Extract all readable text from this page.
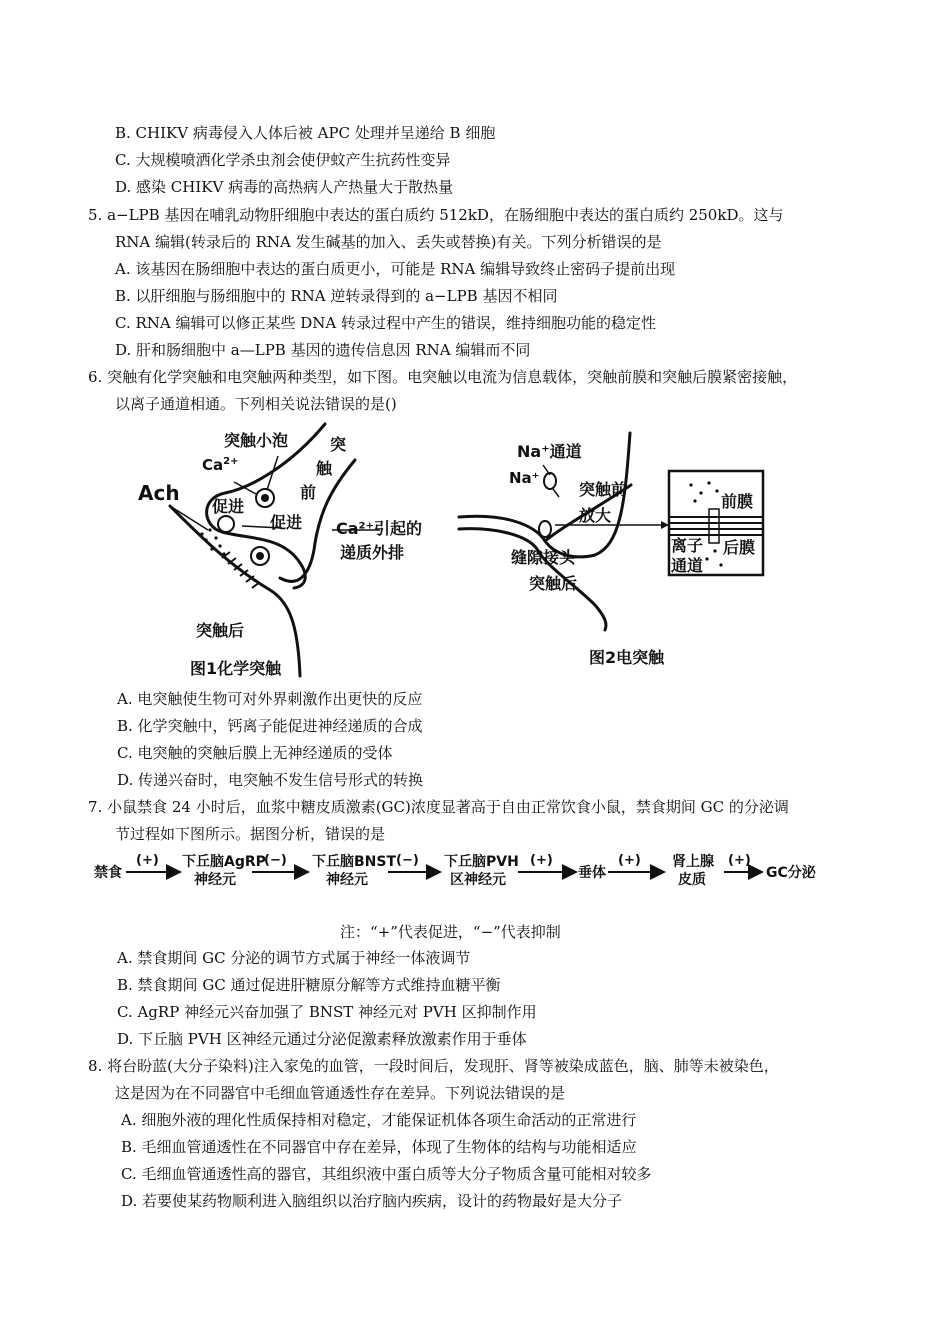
B. CHIKV 病毒侵入人体后被 APC 处理并呈递给 B 细胞
C. 大规模喷洒化学杀虫剂会使伊蚊产生抗药性变异
D. 感染 CHIKV 病毒的高热病人产热量大于散热量
5. a−LPB 基因在哺乳动物肝细胞中表达的蛋白质约 512kD，在肠细胞中表达的蛋白质约 250kD。这与
RNA 编辑(转录后的 RNA 发生碱基的加入、丢失或替换)有关。下列分析错误的是
A. 该基因在肠细胞中表达的蛋白质更小，可能是 RNA 编辑导致终止密码子提前出现
B. 以肝细胞与肠细胞中的 RNA 逆转录得到的 a−LPB 基因不相同
C. RNA 编辑可以修正某些 DNA 转录过程中产生的错误，维持细胞功能的稳定性
D. 肝和肠细胞中 a—LPB 基因的遗传信息因 RNA 编辑而不同
6. 突触有化学突触和电突触两种类型，如下图。电突触以电流为信息载体，突触前膜和突触后膜紧密接触，
以离子通道相通。下列相关说法错误的是()
突触小泡	突
触
前
$Ca^{2+}$
Ach
促进
促进 Ca²⁺引起的
递质外排
突触后
图1化学突触
Na⁺通道
Na⁺
突触前
放大
缝隙接头
突触后
前膜
离子
通道
后膜
图2电突触
A. 电突触使生物可对外界刺激作出更快的反应
B. 化学突触中，钙离子能促进神经递质的合成
C. 电突触的突触后膜上无神经递质的受体
D. 传递兴奋时，电突触不发生信号形式的转换
7. 小鼠禁食 24 小时后，血浆中糖皮质激素(GC)浓度显著高于自由正常饮食小鼠，禁食期间 GC 的分泌调
节过程如下图所示。据图分析，错误的是
禁食
下丘脑AgRP
神经元
下丘脑BNST
神经元
下丘脑PVH
区神经元	垂体
肾上腺
皮质	GC分泌
(+)	(−)	(−)	(+)	(+)	(+)
注：“+”代表促进，“−”代表抑制
A. 禁食期间 GC 分泌的调节方式属于神经一体液调节
B. 禁食期间 GC 通过促进肝糖原分解等方式维持血糖平衡
C. AgRP 神经元兴奋加强了 BNST 神经元对 PVH 区抑制作用
D. 下丘脑 PVH 区神经元通过分泌促激素释放激素作用于垂体
8. 将台盼蓝(大分子染料)注入家兔的血管，一段时间后，发现肝、肾等被染成蓝色，脑、肺等未被染色，
这是因为在不同器官中毛细血管通透性存在差异。下列说法错误的是
A. 细胞外液的理化性质保持相对稳定，才能保证机体各项生命活动的正常进行
B. 毛细血管通透性在不同器官中存在差异，体现了生物体的结构与功能相适应
C. 毛细血管通透性高的器官，其组织液中蛋白质等大分子物质含量可能相对较多
D. 若要使某药物顺利进入脑组织以治疗脑内疾病，设计的药物最好是大分子
